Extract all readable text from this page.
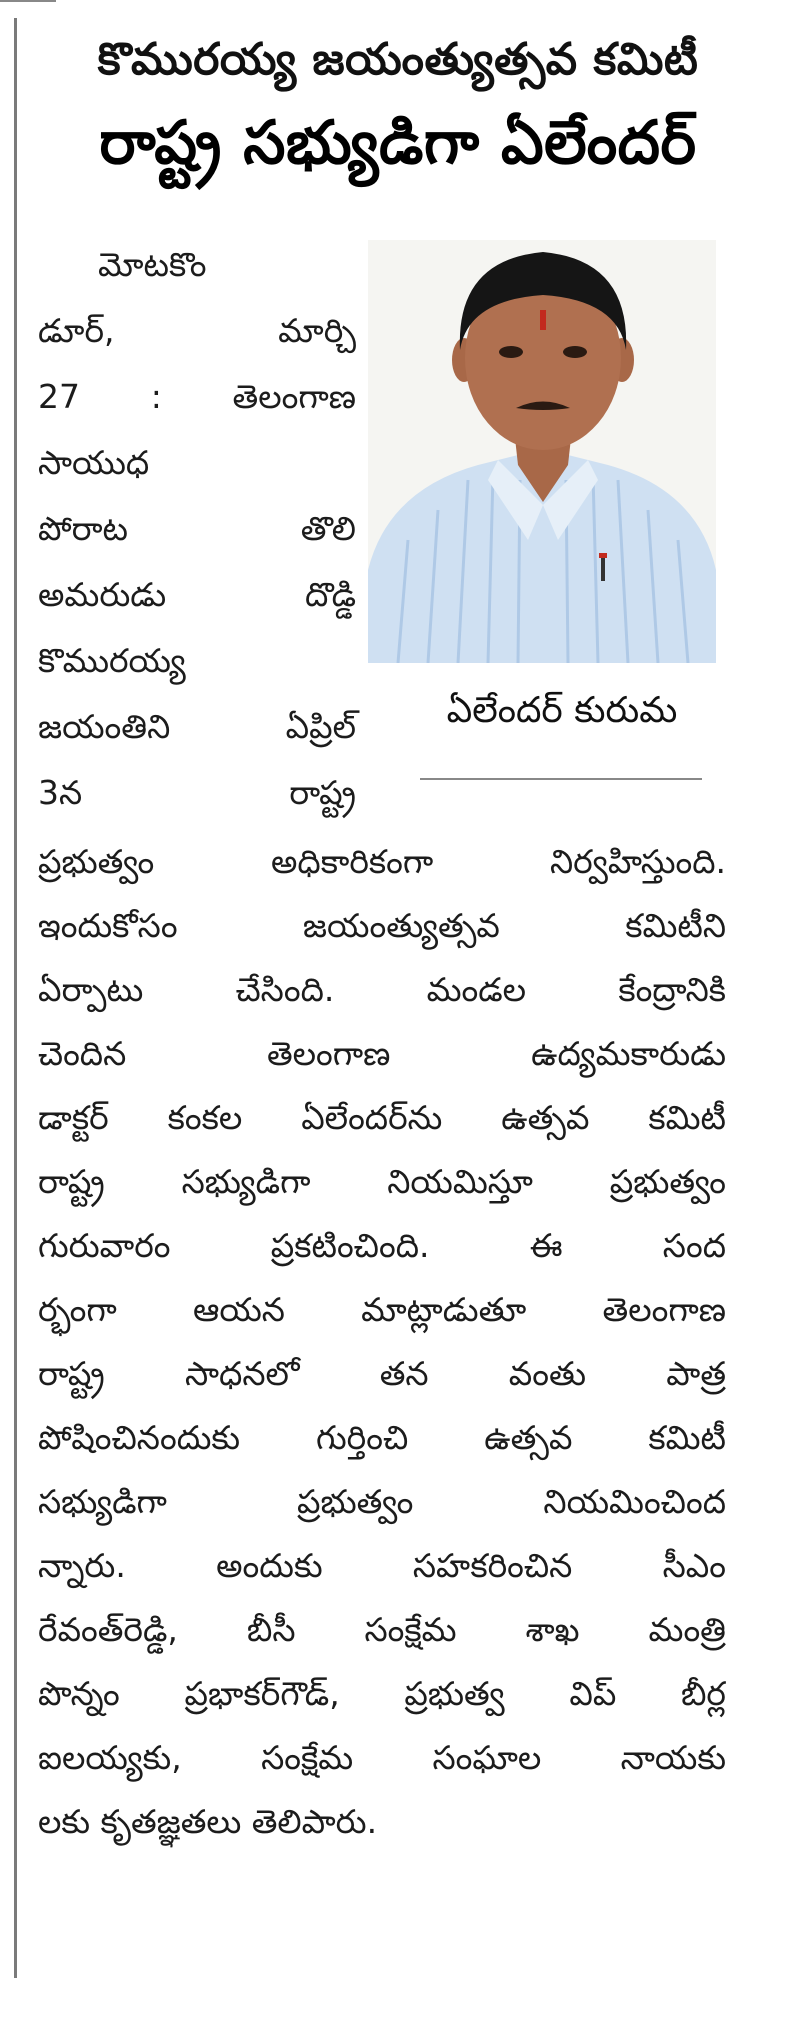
కొమురయ్య జయంత్యుత్సవ కమిటీ
రాష్ట్ర సభ్యుడిగా ఏలేందర్
మోటకొం
డూర్, మార్చి
27 : తెలంగాణ
సాయుధ
పోరాట తొలి
అమరుడు దొడ్డి
కొమురయ్య
జయంతిని ఏప్రిల్
3న రాష్ట్ర
ఏలేందర్ కురుమ
ప్రభుత్వం అధికారికంగా నిర్వహిస్తుంది.
ఇందుకోసం జయంత్యుత్సవ కమిటీని
ఏర్పాటు చేసింది. మండల కేంద్రానికి
చెందిన తెలంగాణ ఉద్యమకారుడు
డాక్టర్ కంకల ఏలేందర్‌ను ఉత్సవ కమిటీ
రాష్ట్ర సభ్యుడిగా నియమిస్తూ ప్రభుత్వం
గురువారం ప్రకటించింది. ఈ సంద
ర్భంగా ఆయన మాట్లాడుతూ తెలంగాణ
రాష్ట్ర సాధనలో తన వంతు పాత్ర
పోషించినందుకు గుర్తించి ఉత్సవ కమిటీ
సభ్యుడిగా ప్రభుత్వం నియమించింద
న్నారు. అందుకు సహకరించిన సీఎం
రేవంత్‌రెడ్డి, బీసీ సంక్షేమ శాఖ మంత్రి
పొన్నం ప్రభాకర్‌గౌడ్, ప్రభుత్వ విప్ బీర్ల
ఐలయ్యకు, సంక్షేమ సంఘాల నాయకు
లకు కృతజ్ఞతలు తెలిపారు.
